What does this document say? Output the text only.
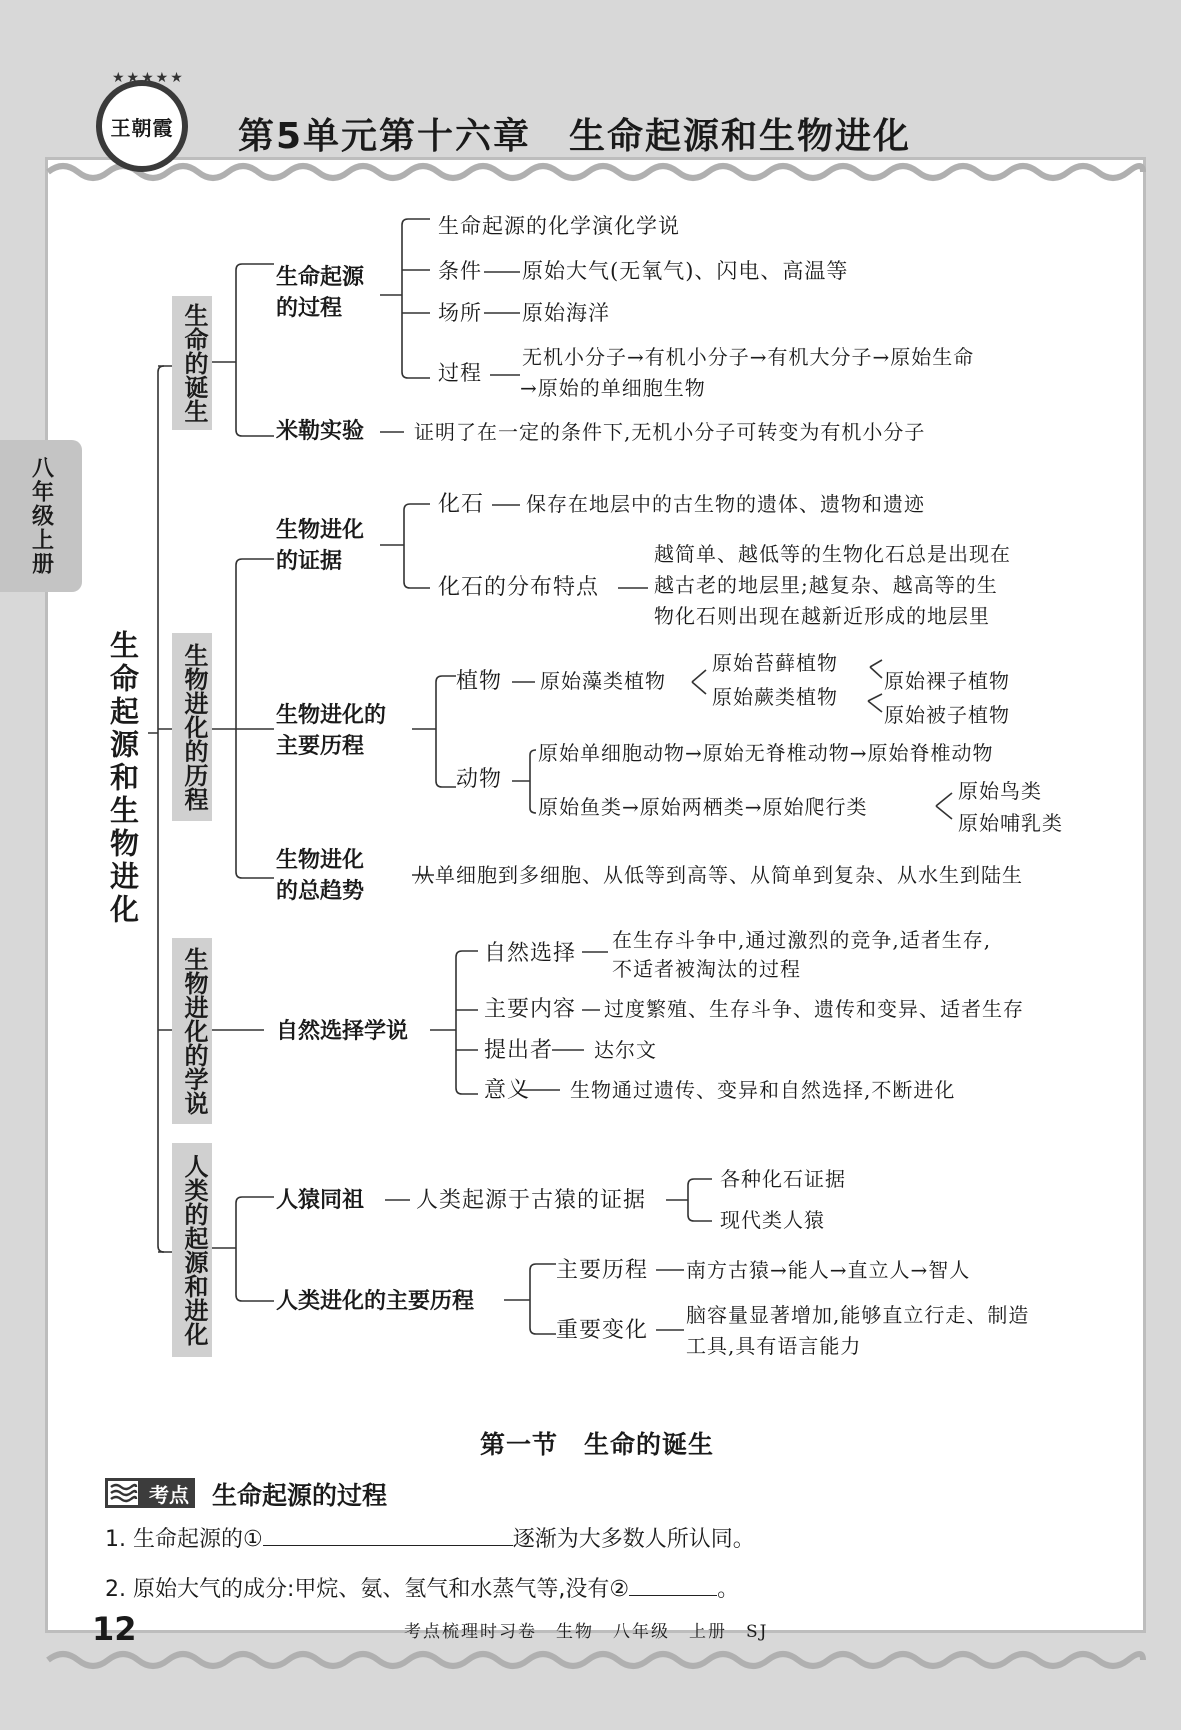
★★★★★
王朝霞 第5单元第十六章　生命起源和生物进化
八年级上册
生命起源和生物进化
生命的诞生
生物进化的历程
生物进化的学说
人类的起源和进化
生命起源的过程
生命起源的化学演化学说
条件 原始大气(无氧气)、闪电、高温等
场所 原始海洋
过程
无机小分子→有机小分子→有机大分子→原始生命
→原始的单细胞生物
米勒实验 证明了在一定的条件下,无机小分子可转变为有机小分子
生物进化的证据
化石 保存在地层中的古生物的遗体、遗物和遗迹
化石的分布特点
越简单、越低等的生物化石总是出现在
越古老的地层里;越复杂、越高等的生
物化石则出现在越新近形成的地层里
生物进化的主要历程
植物 原始藻类植物
原始苔藓植物
原始蕨类植物
原始裸子植物
原始被子植物
动物
原始单细胞动物→原始无脊椎动物→原始脊椎动物
原始鱼类→原始两栖类→原始爬行类
原始鸟类
原始哺乳类
生物进化的总趋势
从单细胞到多细胞、从低等到高等、从简单到复杂、从水生到陆生
自然选择学说
自然选择
在生存斗争中,通过激烈的竞争,适者生存,
不适者被淘汰的过程
主要内容 过度繁殖、生存斗争、遗传和变异、适者生存
提出者 达尔文
意义 生物通过遗传、变异和自然选择,不断进化
人猿同祖 人类起源于古猿的证据
各种化石证据
现代类人猿
人类进化的主要历程
主要历程 南方古猿→能人→直立人→智人
重要变化
脑容量显著增加,能够直立行走、制造
工具,具有语言能力
第一节　生命的诞生
考点 生命起源的过程
1. 生命起源的①	逐渐为大多数人所认同。
2. 原始大气的成分:甲烷、氨、氢气和水蒸气等,没有②	。
12	考点梳理时习卷　生物　八年级　上册　SJ
